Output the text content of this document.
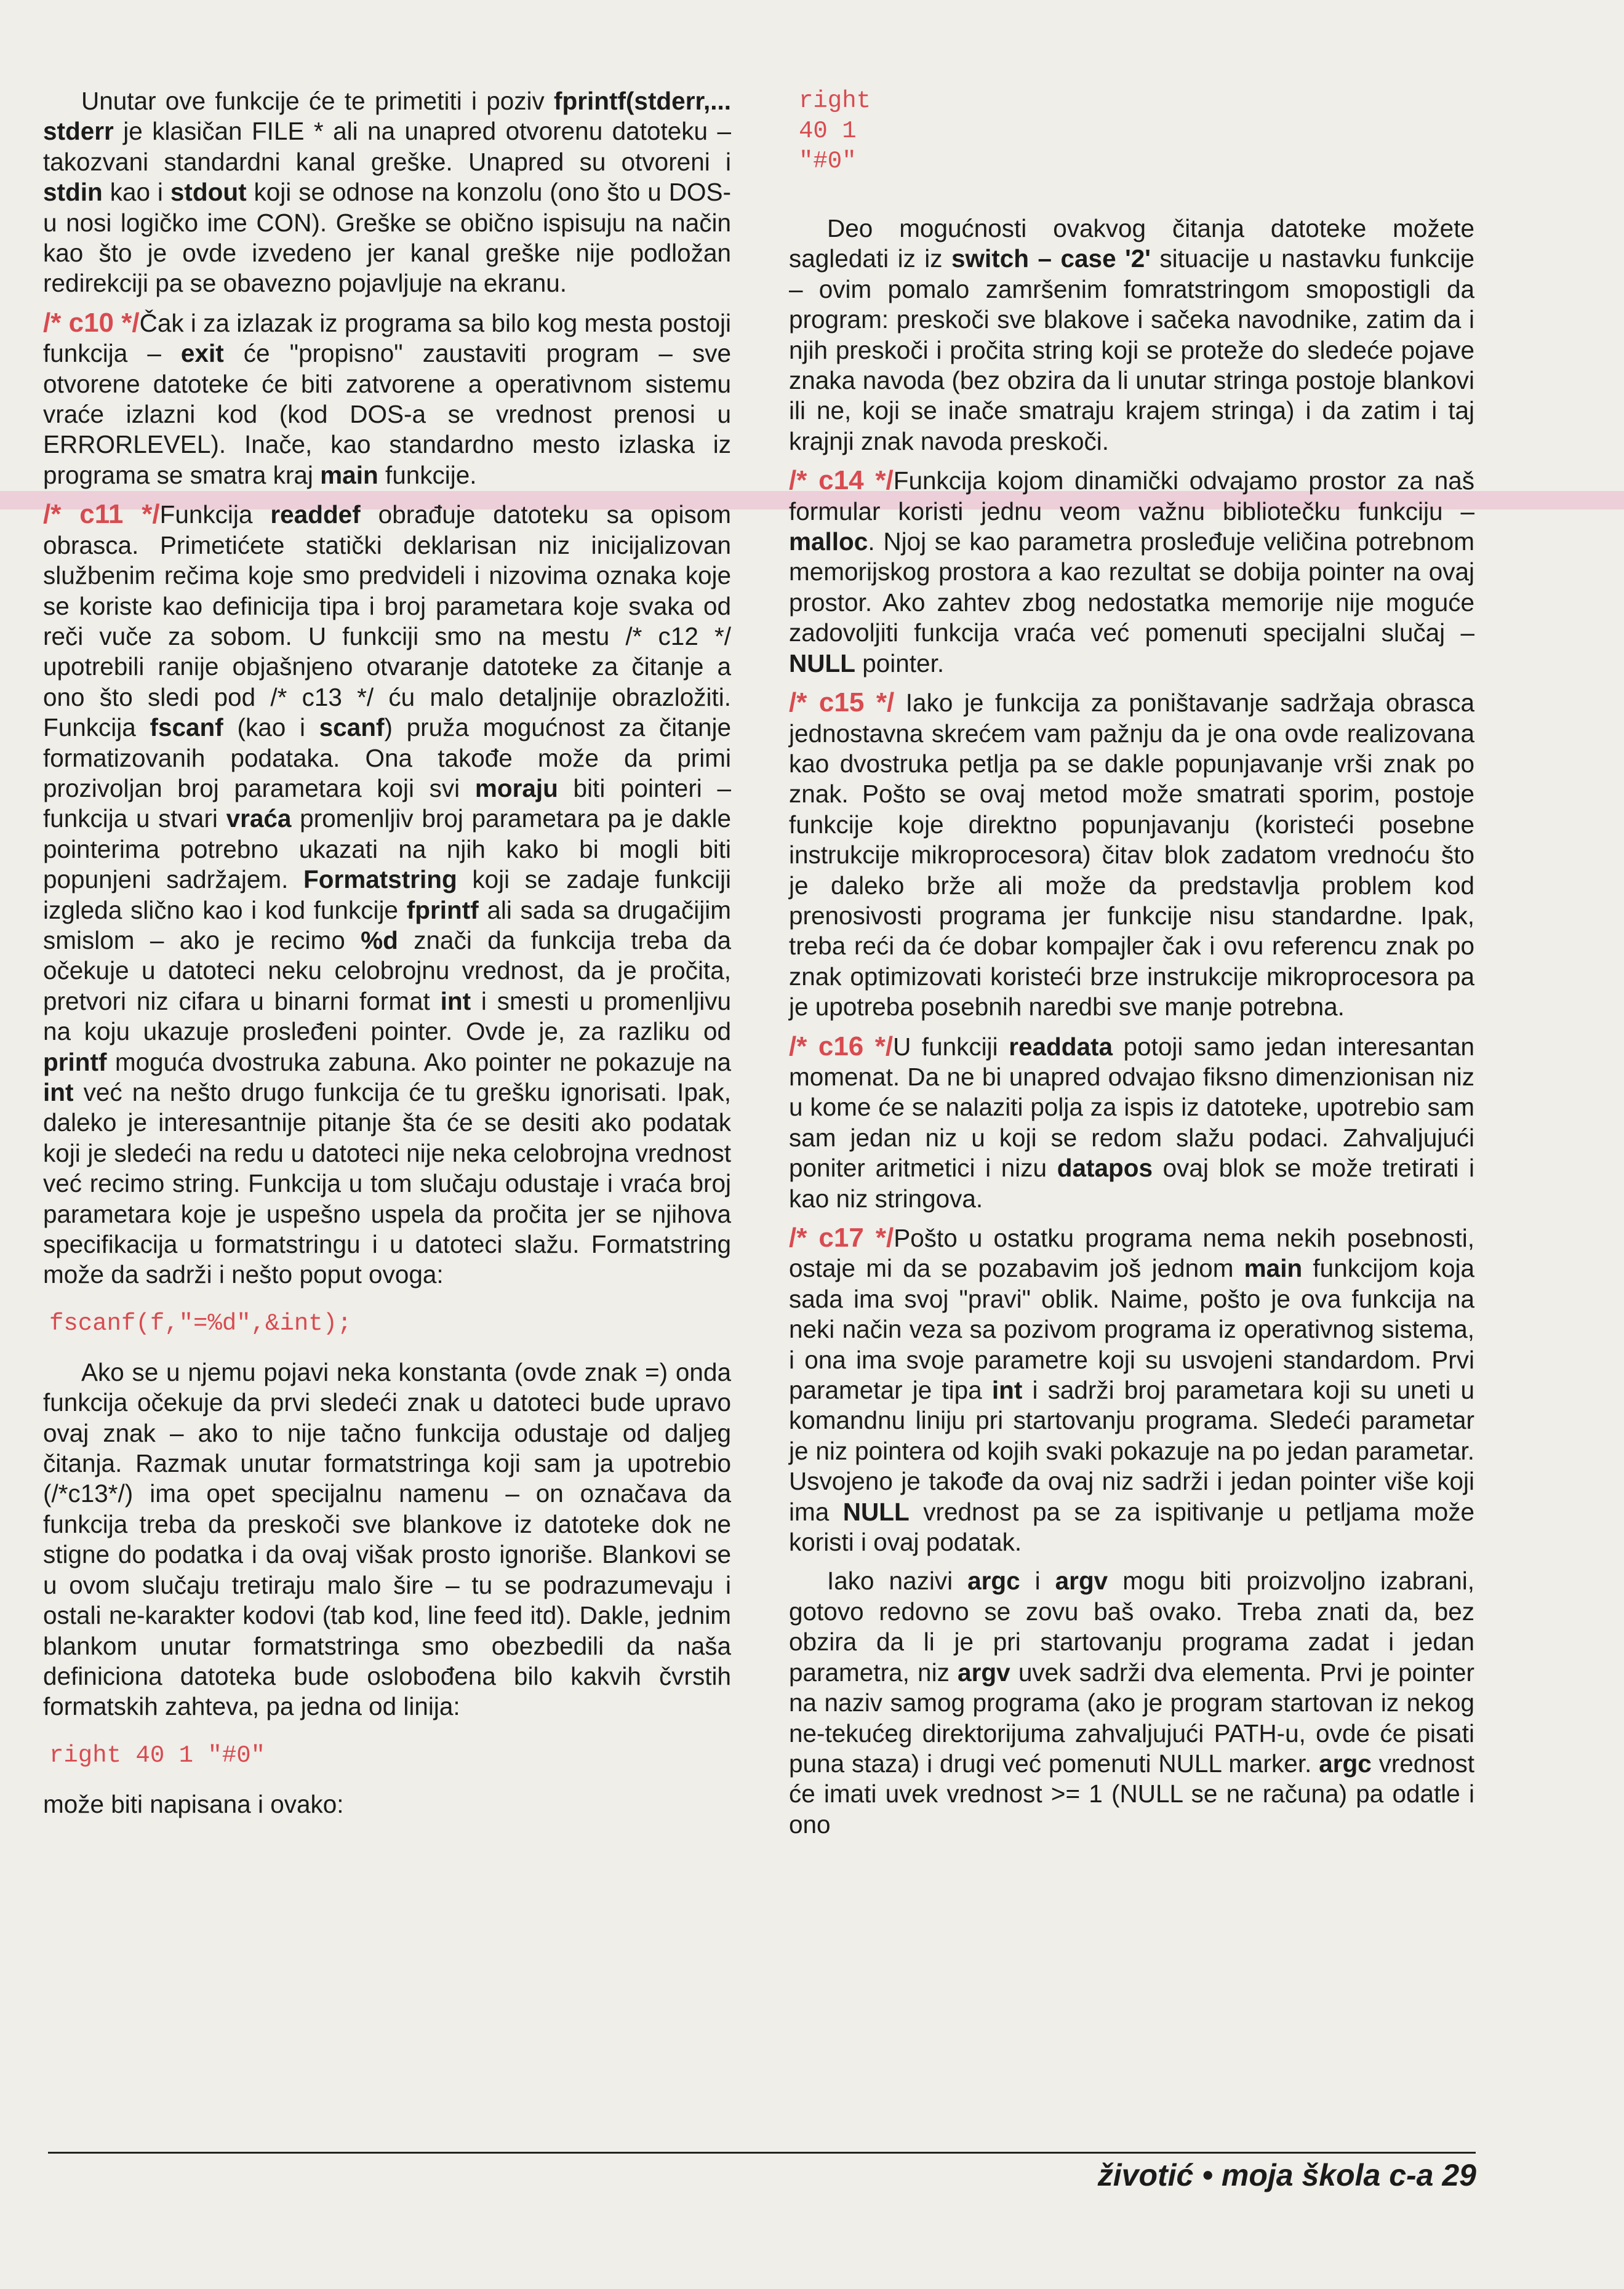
Unutar ove funkcije će te primetiti i poziv fprintf(stderr,... stderr je klasičan FILE * ali na unapred otvorenu datoteku – takozvani standardni kanal greške. Unapred su otvoreni i stdin kao i stdout koji se odnose na konzolu (ono što u DOS-u nosi logičko ime CON). Greške se obično ispisuju na način kao što je ovde izvedeno jer kanal greške nije podložan redirekciji pa se obavezno pojavljuje na ekranu.

/* c10 */Čak i za izlazak iz programa sa bilo kog mesta postoji funkcija – exit će "propisno" zaustaviti program – sve otvorene datoteke će biti zatvorene a operativnom sistemu vraće izlazni kod (kod DOS-a se vrednost prenosi u ERRORLEVEL). Inače, kao standardno mesto izlaska iz programa se smatra kraj main funkcije.

/* c11 */Funkcija readdef obrađuje datoteku sa opisom obrasca. Primetićete statički deklarisan niz inicijalizovan službenim rečima koje smo predvideli i nizovima oznaka koje se koriste kao definicija tipa i broj parametara koje svaka od reči vuče za sobom. U funkciji smo na mestu /* c12 */ upotrebili ranije objašnjeno otvaranje datoteke za čitanje a ono što sledi pod /* c13 */ ću malo detaljnije obrazložiti. Funkcija fscanf (kao i scanf) pruža mogućnost za čitanje formatizovanih podataka. Ona takođe može da primi prozivoljan broj parametara koji svi moraju biti pointeri – funkcija u stvari vraća promenljiv broj parametara pa je dakle pointerima potrebno ukazati na njih kako bi mogli biti popunjeni sadržajem. Formatstring koji se zadaje funkciji izgleda slično kao i kod funkcije fprintf ali sada sa drugačijim smislom – ako je recimo %d znači da funkcija treba da očekuje u datoteci neku celobrojnu vrednost, da je pročita, pretvori niz cifara u binarni format int i smesti u promenljivu na koju ukazuje prosleđeni pointer. Ovde je, za razliku od printf moguća dvostruka zabuna. Ako pointer ne pokazuje na int već na nešto drugo funkcija će tu grešku ignorisati. Ipak, daleko je interesantnije pitanje šta će se desiti ako podatak koji je sledeći na redu u datoteci nije neka celobrojna vrednost već recimo string. Funkcija u tom slučaju odustaje i vraća broj parametara koje je uspešno uspela da pročita jer se njihova specifikacija u formatstringu i u datoteci slažu. Formatstring može da sadrži i nešto poput ovoga:

fscanf(f,"=%d",&int);

Ako se u njemu pojavi neka konstanta (ovde znak =) onda funkcija očekuje da prvi sledeći znak u datoteci bude upravo ovaj znak – ako to nije tačno funkcija odustaje od daljeg čitanja. Razmak unutar formatstringa koji sam ja upotrebio (/*c13*/) ima opet specijalnu namenu – on označava da funkcija treba da preskoči sve blankove iz datoteke dok ne stigne do podatka i da ovaj višak prosto ignoriše. Blankovi se u ovom slučaju tretiraju malo šire – tu se podrazumevaju i ostali ne-karakter kodovi (tab kod, line feed itd). Dakle, jednim blankom unutar formatstringa smo obezbedili da naša definiciona datoteka bude oslobođena bilo kakvih čvrstih formatskih zahteva, pa jedna od linija:

right 40 1 "#0"

može biti napisana i ovako:

right
40 1
"#0"

Deo mogućnosti ovakvog čitanja datoteke možete sagledati iz iz switch – case '2' situacije u nastavku funkcije – ovim pomalo zamršenim fomratstringom smopostigli da program: preskoči sve blakove i sačeka navodnike, zatim da i njih preskoči i pročita string koji se proteže do sledeće pojave znaka navoda (bez obzira da li unutar stringa postoje blankovi ili ne, koji se inače smatraju krajem stringa) i da zatim i taj krajnji znak navoda preskoči.

/* c14 */Funkcija kojom dinamički odvajamo prostor za naš formular koristi jednu veom važnu bibliotečku funkciju – malloc. Njoj se kao parametra prosleđuje veličina potrebnom memorijskog prostora a kao rezultat se dobija pointer na ovaj prostor. Ako zahtev zbog nedostatka memorije nije moguće zadovoljiti funkcija vraća već pomenuti specijalni slučaj – NULL pointer.

/* c15 */ Iako je funkcija za poništavanje sadržaja obrasca jednostavna skrećem vam pažnju da je ona ovde realizovana kao dvostruka petlja pa se dakle popunjavanje vrši znak po znak. Pošto se ovaj metod može smatrati sporim, postoje funkcije koje direktno popunjavanju (koristeći posebne instrukcije mikroprocesora) čitav blok zadatom vrednoću što je daleko brže ali može da predstavlja problem kod prenosivosti programa jer funkcije nisu standardne. Ipak, treba reći da će dobar kompajler čak i ovu referencu znak po znak optimizovati koristeći brze instrukcije mikroprocesora pa je upotreba posebnih naredbi sve manje potrebna.

/* c16 */U funkciji readdata potoji samo jedan interesantan momenat. Da ne bi unapred odvajao fiksno dimenzionisan niz u kome će se nalaziti polja za ispis iz datoteke, upotrebio sam sam jedan niz u koji se redom slažu podaci. Zahvaljujući poniter aritmetici i nizu datapos ovaj blok se može tretirati i kao niz stringova.

/* c17 */Pošto u ostatku programa nema nekih posebnosti, ostaje mi da se pozabavim još jednom main funkcijom koja sada ima svoj "pravi" oblik. Naime, pošto je ova funkcija na neki način veza sa pozivom programa iz operativnog sistema, i ona ima svoje parametre koji su usvojeni standardom. Prvi parametar je tipa int i sadrži broj parametara koji su uneti u komandnu liniju pri startovanju programa. Sledeći parametar je niz pointera od kojih svaki pokazuje na po jedan parametar. Usvojeno je takođe da ovaj niz sadrži i jedan pointer više koji ima NULL vrednost pa se za ispitivanje u petljama može koristi i ovaj podatak.

Iako nazivi argc i argv mogu biti proizvoljno izabrani, gotovo redovno se zovu baš ovako. Treba znati da, bez obzira da li je pri startovanju programa zadat i jedan parametra, niz argv uvek sadrži dva elementa. Prvi je pointer na naziv samog programa (ako je program startovan iz nekog ne-tekućeg direktorijuma zahvaljujući PATH-u, ovde će pisati puna staza) i drugi već pomenuti NULL marker. argc vrednost će imati uvek vrednost >= 1 (NULL se ne računa) pa odatle i ono

životić • moja škola c-a 29
